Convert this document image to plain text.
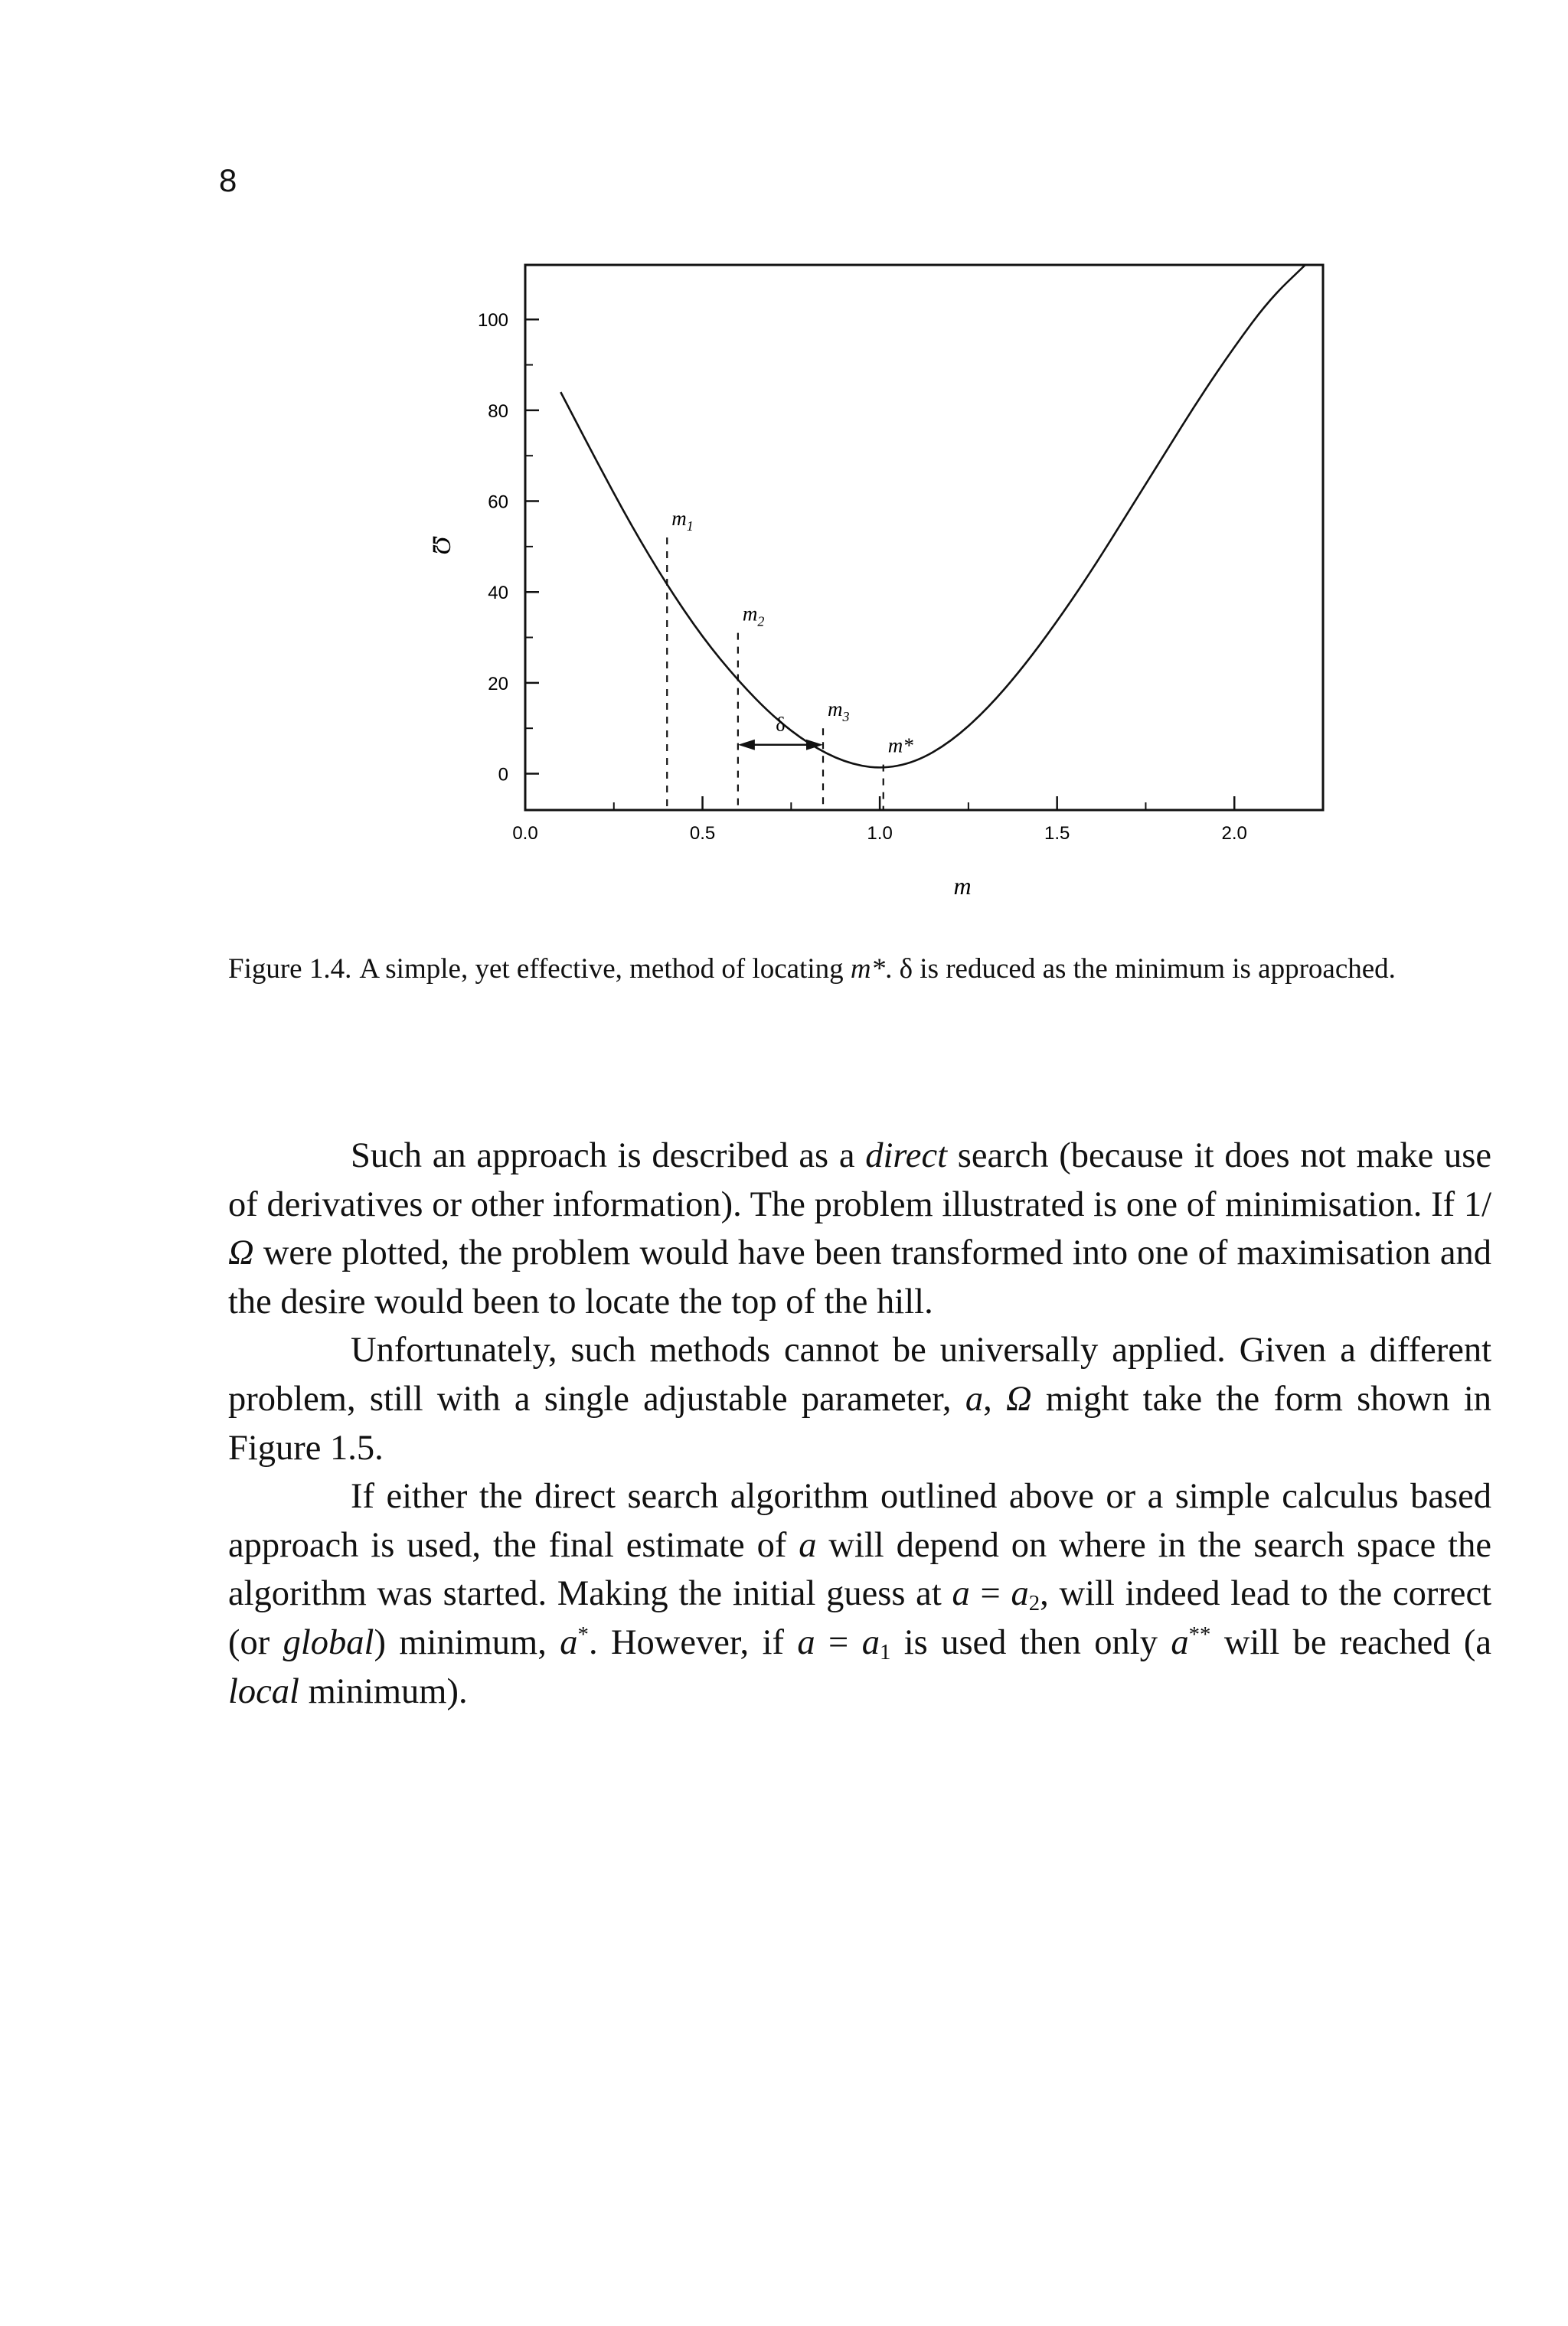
8
0
20
40
60
80
100
0.0	0.5	1.0	1.5	2.0
m
Ω
$m_1$
$m_2$
$m_3$
m*
δ
Figure 1.4. A simple, yet effective, method of locating m*. δ is reduced as the minimum is approached.

Such an approach is described as a direct search (because it does not make use of derivatives or other information). The problem illustrated is one of minimisation. If 1/Ω were plotted, the problem would have been transformed into one of maximisation and the desire would been to locate the top of the hill.

Unfortunately, such methods cannot be universally applied. Given a different problem, still with a single adjustable parameter, a, Ω might take the form shown in Figure 1.5.

If either the direct search algorithm outlined above or a simple calculus based approach is used, the final estimate of a will depend on where in the search space the algorithm was started. Making the initial guess at $a = a_2$, will indeed lead to the correct (or global) minimum, a*. However, if $a = a_1$ is used then only a** will be reached (a local minimum).
